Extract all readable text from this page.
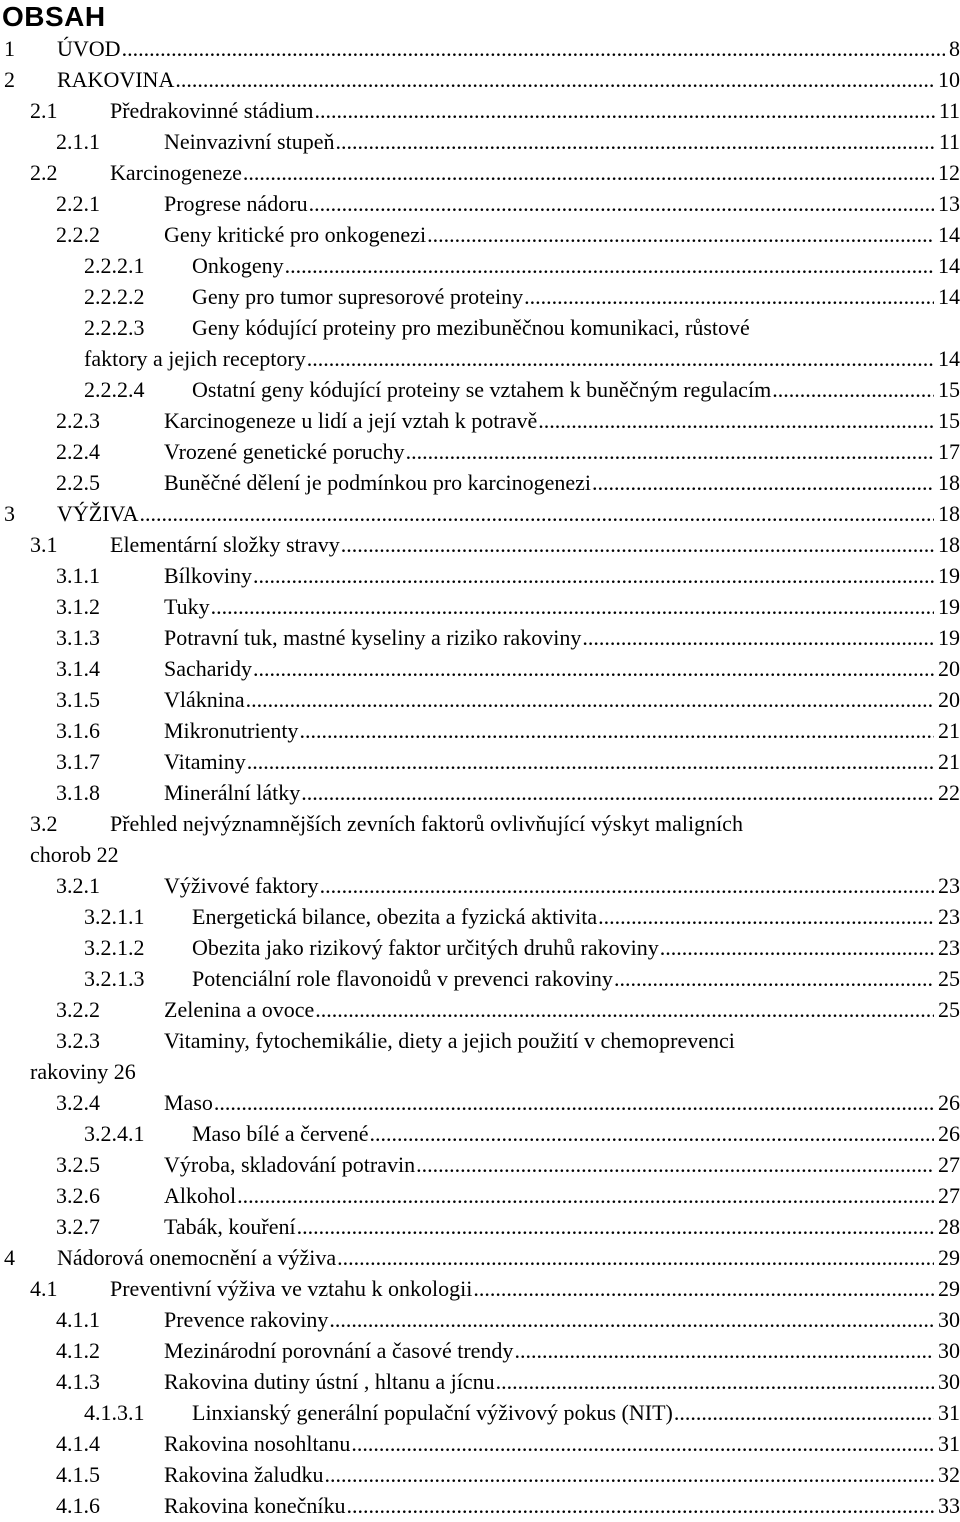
OBSAH
1 ÚVOD	8
.....
2 RAKOVINA	10
.....
2.1 Předrakovinné stádium	11
.....
2.1.1	Neinvazivní stupeň	11
.....
2.2 Karcinogeneze	12
.....
2.2.1	Progrese nádoru	13
.....
2.2.2	Geny kritické pro onkogenezi	14
.....
2.2.2.1 Onkogeny	14
.....
2.2.2.2 Geny pro tumor supresorové proteiny	14
.....
2.2.2.3 Geny kódující proteiny pro mezibuněčnou komunikaci, růstové
faktory a jejich receptory	14
.....
2.2.2.4 Ostatní geny kódující proteiny se vztahem k buněčným regulacím	15
.....
2.2.3	Karcinogeneze u lidí a její vztah k potravě	15
.....
2.2.4	Vrozené genetické poruchy	17
.....
2.2.5	Buněčné dělení je podmínkou pro karcinogenezi	18
.....
3 VÝŽIVA	18
.....
3.1 Elementární složky stravy	18
.....
3.1.1	Bílkoviny	19
.....
3.1.2	Tuky	19
.....
3.1.3	Potravní tuk, mastné kyseliny a riziko rakoviny	19
.....
3.1.4	Sacharidy	20
.....
3.1.5	Vláknina	20
.....
3.1.6	Mikronutrienty	21
.....
3.1.7	Vitaminy	21
.....
3.1.8	Minerální látky	22
.....
3.2 Přehled nejvýznamnějších zevních faktorů ovlivňující výskyt maligních
chorob 22
3.2.1	Výživové faktory	23
.....
3.2.1.1 Energetická bilance, obezita a fyzická aktivita	23
.....
3.2.1.2 Obezita jako rizikový faktor určitých druhů rakoviny	23
.....
3.2.1.3 Potenciální role flavonoidů v prevenci rakoviny	25
.....
3.2.2	Zelenina a ovoce	25
.....
3.2.3	Vitaminy, fytochemikálie, diety a jejich použití v chemoprevenci
rakoviny 26
3.2.4	Maso	26
.....
3.2.4.1 Maso bílé a červené	26
.....
3.2.5	Výroba, skladování potravin	27
.....
3.2.6	Alkohol	27
.....
3.2.7	Tabák, kouření	28
.....
4 Nádorová onemocnění a výživa	29
.....
4.1 Preventivní výživa ve vztahu k onkologii	29
.....
4.1.1	Prevence rakoviny	30
.....
4.1.2	Mezinárodní porovnání a časové trendy	30
.....
4.1.3	Rakovina dutiny ústní , hltanu a jícnu	30
.....
4.1.3.1 Linxianský generální populační výživový pokus (NIT)	31
.....
4.1.4	Rakovina nosohltanu	31
.....
4.1.5	Rakovina žaludku	32
.....
4.1.6	Rakovina konečníku	33
.....
